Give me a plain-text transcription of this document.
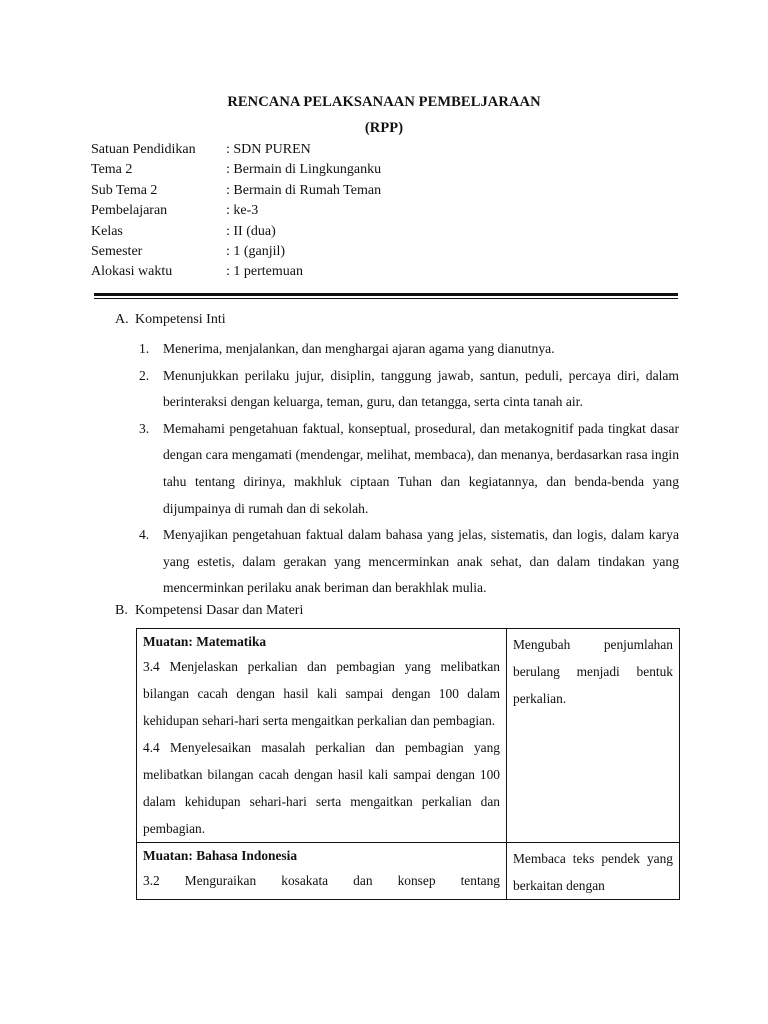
RENCANA PELAKSANAAN PEMBELJARAAN
(RPP)
Satuan Pendidikan : SDN PUREN
Tema 2	: Bermain di Lingkunganku
Sub Tema 2	: Bermain di Rumah Teman
Pembelajaran	: ke-3
Kelas	: II (dua)
Semester	: 1 (ganjil)
Alokasi waktu	: 1 pertemuan
A. Kompetensi Inti
1. Menerima, menjalankan, dan menghargai ajaran agama yang dianutnya.
2. Menunjukkan perilaku jujur, disiplin, tanggung jawab, santun, peduli, percaya diri, dalam berinteraksi dengan keluarga, teman, guru, dan tetangga, serta cinta tanah air.
3. Memahami pengetahuan faktual, konseptual, prosedural, dan metakognitif pada tingkat dasar dengan cara mengamati (mendengar, melihat, membaca), dan menanya, berdasarkan rasa ingin tahu tentang dirinya, makhluk ciptaan Tuhan dan kegiatannya, dan benda-benda yang dijumpainya di rumah dan di sekolah.
4. Menyajikan pengetahuan faktual dalam bahasa yang jelas, sistematis, dan logis, dalam karya yang estetis, dalam gerakan yang mencerminkan anak sehat, dan dalam tindakan yang mencerminkan perilaku anak beriman dan berakhlak mulia.
B. Kompetensi Dasar dan Materi
Muatan: Matematika
3.4 Menjelaskan perkalian dan pembagian yang melibatkan bilangan cacah dengan hasil kali sampai dengan 100 dalam kehidupan sehari-hari serta mengaitkan perkalian dan pembagian.
4.4 Menyelesaikan masalah perkalian dan pembagian yang melibatkan bilangan cacah dengan hasil kali sampai dengan 100 dalam kehidupan sehari-hari serta mengaitkan perkalian dan pembagian.	Mengubah penjumlahan berulang menjadi bentuk perkalian.

Muatan: Bahasa Indonesia
3.2 Menguraikan kosakata dan konsep tentang	Membaca teks pendek yang berkaitan dengan
